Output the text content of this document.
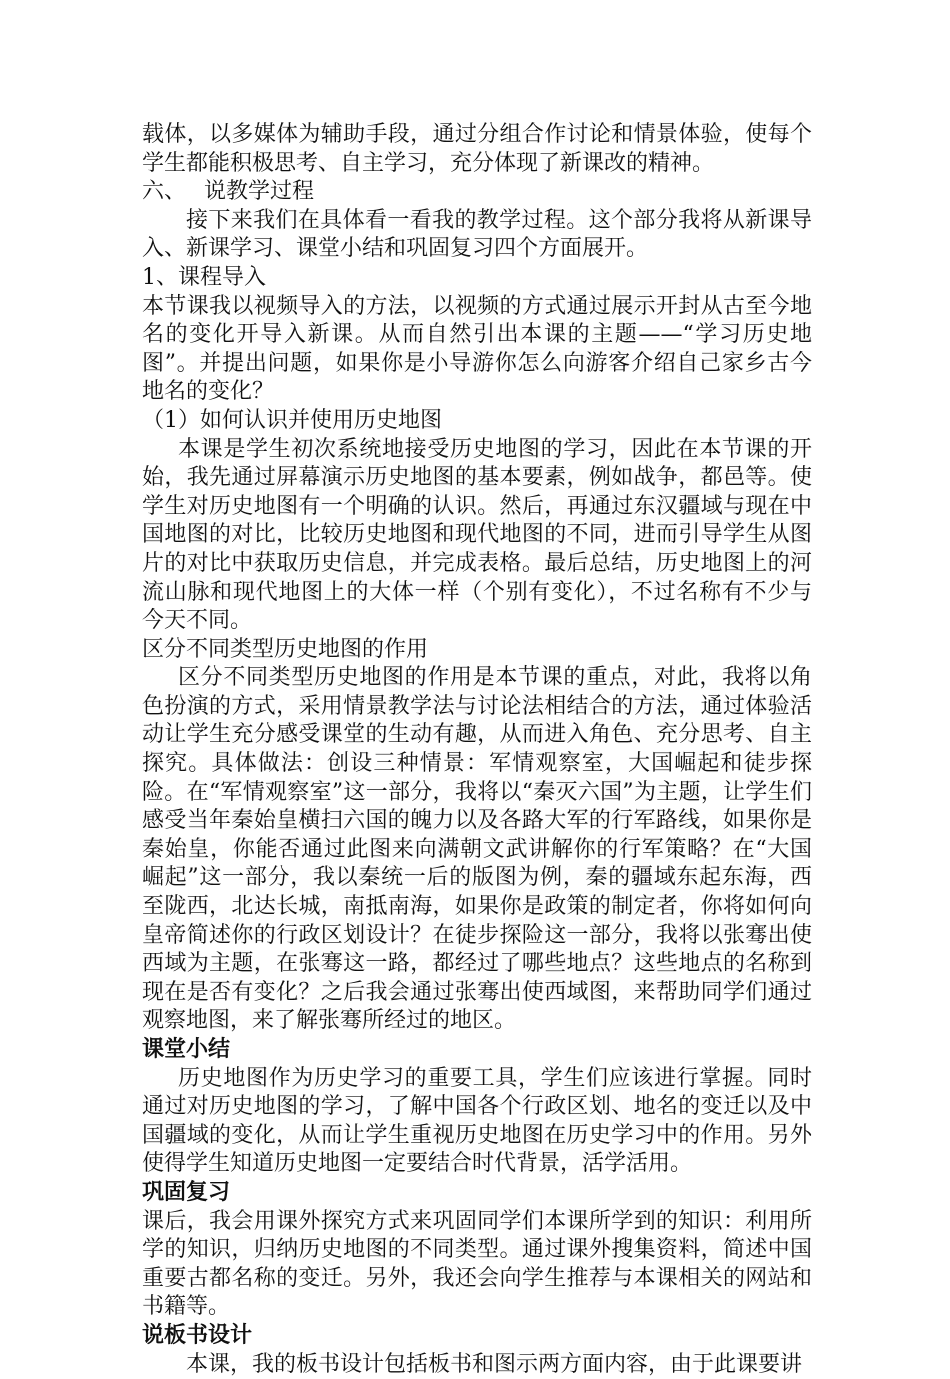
载体，以多媒体为辅助手段，通过分组合作讨论和情景体验，使每个学生都能积极思考、自主学习，充分体现了新课改的精神。

六、 说教学过程

接下来我们在具体看一看我的教学过程。这个部分我将从新课导入、新课学习、课堂小结和巩固复习四个方面展开。

1、课程导入

本节课我以视频导入的方法，以视频的方式通过展示开封从古至今地名的变化开导入新课。从而自然引出本课的主题——“学习历史地图”。并提出问题，如果你是小导游你怎么向游客介绍自己家乡古今地名的变化？

（1）如何认识并使用历史地图

本课是学生初次系统地接受历史地图的学习，因此在本节课的开始，我先通过屏幕演示历史地图的基本要素，例如战争，都邑等。使学生对历史地图有一个明确的认识。然后，再通过东汉疆域与现在中国地图的对比，比较历史地图和现代地图的不同，进而引导学生从图片的对比中获取历史信息，并完成表格。最后总结，历史地图上的河流山脉和现代地图上的大体一样（个别有变化），不过名称有不少与今天不同。

区分不同类型历史地图的作用

区分不同类型历史地图的作用是本节课的重点，对此，我将以角色扮演的方式，采用情景教学法与讨论法相结合的方法，通过体验活动让学生充分感受课堂的生动有趣，从而进入角色、充分思考、自主探究。具体做法：创设三种情景：军情观察室，大国崛起和徒步探险。在“军情观察室”这一部分，我将以“秦灭六国”为主题，让学生们感受当年秦始皇横扫六国的魄力以及各路大军的行军路线，如果你是秦始皇，你能否通过此图来向满朝文武讲解你的行军策略？在“大国崛起”这一部分，我以秦统一后的版图为例，秦的疆域东起东海，西至陇西，北达长城，南抵南海，如果你是政策的制定者，你将如何向皇帝简述你的行政区划设计？在徒步探险这一部分，我将以张骞出使西域为主题，在张骞这一路，都经过了哪些地点？这些地点的名称到现在是否有变化？之后我会通过张骞出使西域图，来帮助同学们通过观察地图，来了解张骞所经过的地区。

课堂小结

历史地图作为历史学习的重要工具，学生们应该进行掌握。同时通过对历史地图的学习，了解中国各个行政区划、地名的变迁以及中国疆域的变化，从而让学生重视历史地图在历史学习中的作用。另外使得学生知道历史地图一定要结合时代背景，活学活用。

巩固复习

课后，我会用课外探究方式来巩固同学们本课所学到的知识：利用所学的知识，归纳历史地图的不同类型。通过课外搜集资料，简述中国重要古都名称的变迁。另外，我还会向学生推荐与本课相关的网站和书籍等。

说板书设计

本课，我的板书设计包括板书和图示两方面内容，由于此课要讲
